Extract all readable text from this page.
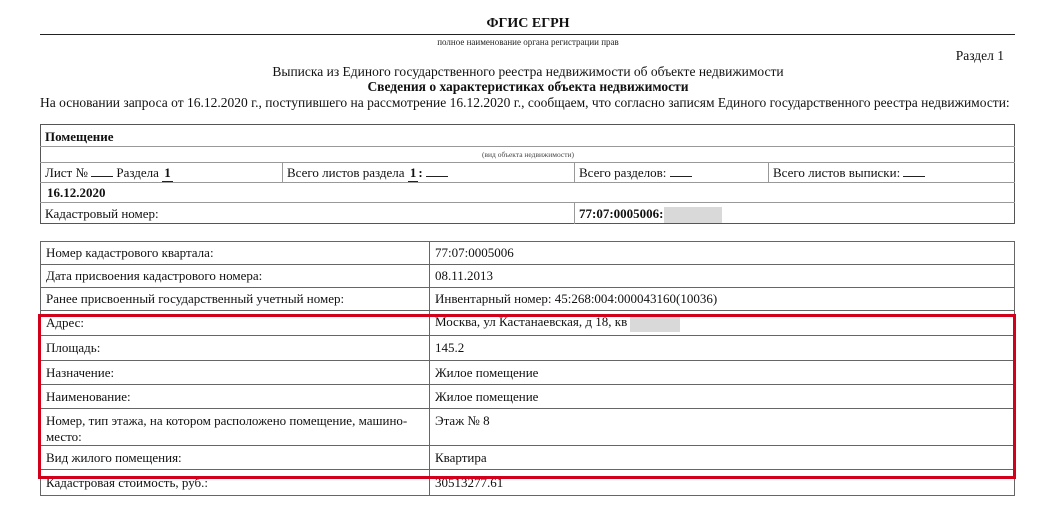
ФГИС ЕГРН
полное наименование органа регистрации прав
Раздел 1
Выписка из Единого государственного реестра недвижимости об объекте недвижимости
Сведения о характеристиках объекта недвижимости
На основании запроса от 16.12.2020 г., поступившего на рассмотрение 16.12.2020 г., сообщаем, что согласно записям Единого государственного реестра недвижимости:
Помещение
(вид объекта недвижимости)
Лист № Раздела 1	Всего листов раздела 1 :	Всего разделов:	Всего листов выписки:
16.12.2020
Кадастровый номер:	77:07:0005006:
Номер кадастрового квартала:	77:07:0005006
Дата присвоения кадастрового номера:	08.11.2013
Ранее присвоенный государственный учетный номер:	Инвентарный номер: 45:268:004:000043160(10036)
Адрес:	Москва, ул Кастанаевская, д 18, кв
Площадь:	145.2
Назначение:	Жилое помещение
Наименование:	Жилое помещение
Номер, тип этажа, на котором расположено помещение, машино-место:	Этаж № 8
Вид жилого помещения:	Квартира
Кадастровая стоимость, руб.:	30513277.61
